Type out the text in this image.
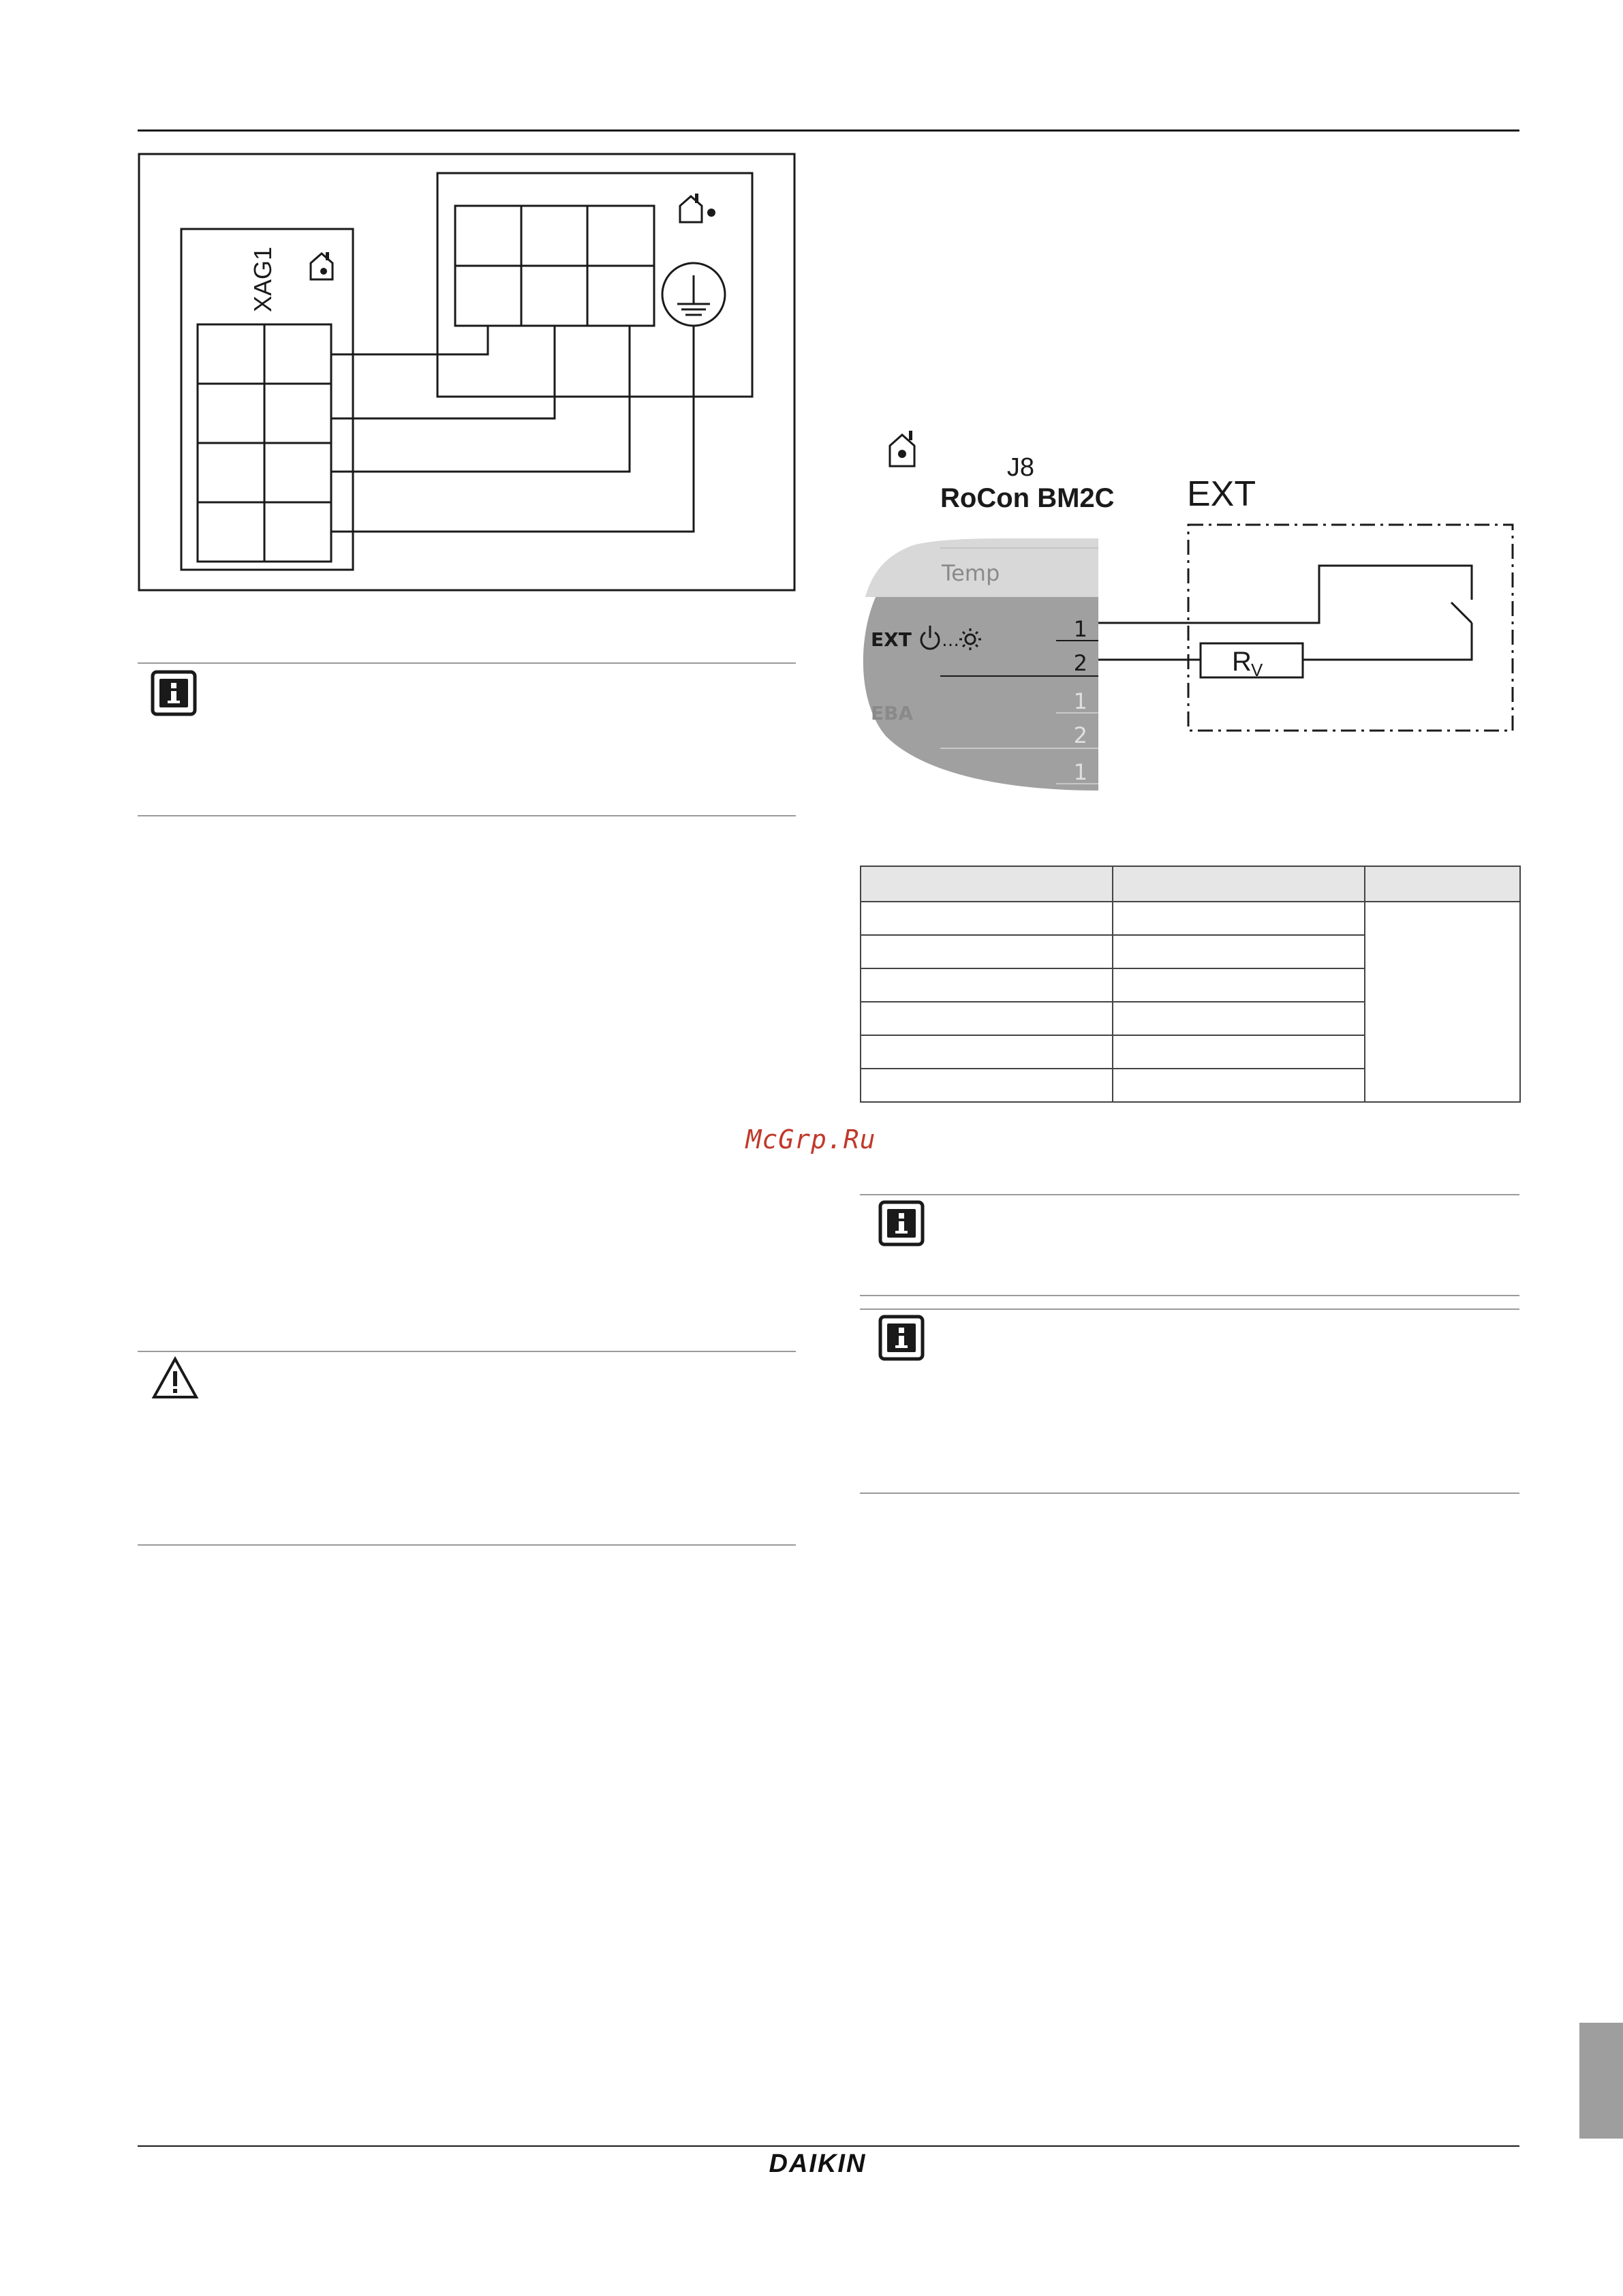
XAG1
J8
RoCon BM2C EXT
Temp
EXT …
EBA
1
2
1
2
1
R V

McGrp.Ru
DAIKIN
